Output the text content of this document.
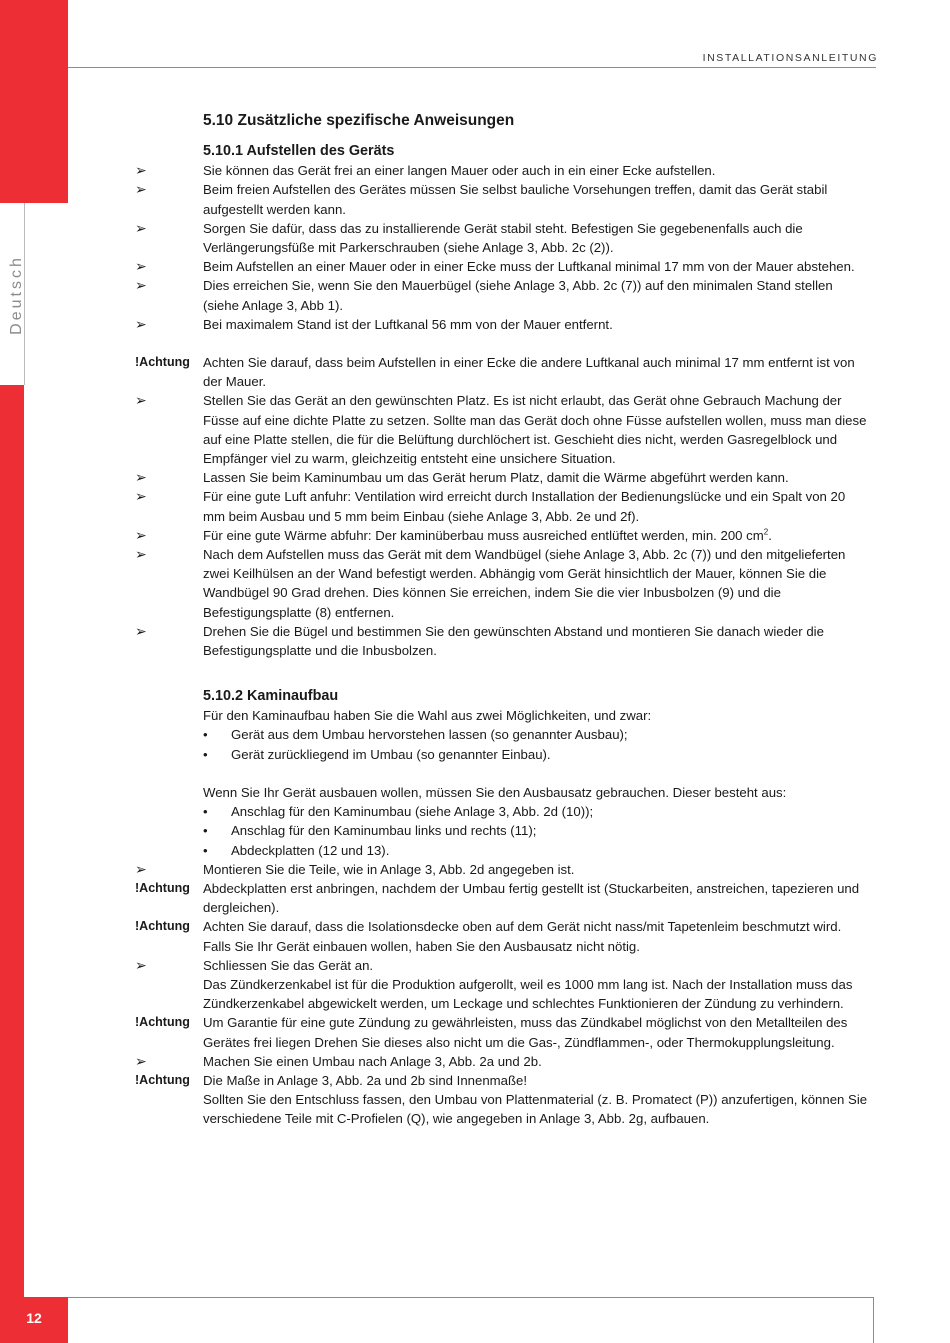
Deutsch
12
INSTALLATIONSANLEITUNG
5.10 Zusätzliche spezifische Anweisungen
5.10.1 Aufstellen des Geräts
➢	Sie können das Gerät frei an einer langen Mauer oder auch in ein einer Ecke aufstellen.
➢	Beim freien Aufstellen des Gerätes müssen Sie selbst bauliche Vorsehungen treffen, damit das Gerät stabil aufgestellt werden kann.
➢	Sorgen Sie dafür, dass das zu installierende Gerät stabil steht. Befestigen Sie gegebenenfalls auch die Verlängerungsfüße mit Parkerschrauben (siehe Anlage 3, Abb. 2c (2)).
➢	Beim Aufstellen an einer Mauer oder in einer Ecke muss der Luftkanal minimal 17 mm von der Mauer abstehen.
➢	Dies erreichen Sie, wenn Sie den Mauerbügel (siehe Anlage 3, Abb. 2c (7)) auf den minimalen Stand stellen (siehe Anlage 3, Abb 1).
➢	Bei maximalem Stand ist der Luftkanal 56 mm von der Mauer entfernt.
!Achtung Achten Sie darauf, dass beim Aufstellen in einer Ecke die andere Luftkanal auch minimal 17 mm entfernt ist von der Mauer.
➢	Stellen Sie das Gerät an den gewünschten Platz. Es ist nicht erlaubt, das Gerät ohne Gebrauch Machung der Füsse auf eine dichte Platte zu setzen. Sollte man das Gerät doch ohne Füsse aufstellen wollen, muss man diese auf eine Platte stellen, die für die Belüftung durchlöchert ist. Geschieht dies nicht, werden Gasregelblock und Empfänger viel zu warm, gleichzeitig entsteht eine unsichere Situation.
➢	Lassen Sie beim Kaminumbau um das Gerät herum Platz, damit die Wärme abgeführt werden kann.
➢	Für eine gute Luft anfuhr: Ventilation wird erreicht durch Installation der Bedienungslücke und ein Spalt von 20 mm beim Ausbau und 5 mm beim Einbau (siehe Anlage 3, Abb. 2e und 2f).
➢	Für eine gute Wärme abfuhr: Der kaminüberbau muss ausreiched entlüftet werden, min. 200 $cm^2$.
➢	Nach dem Aufstellen muss das Gerät mit dem Wandbügel (siehe Anlage 3, Abb. 2c (7)) und den mitgelieferten zwei Keilhülsen an der Wand befestigt werden. Abhängig vom Gerät hinsichtlich der Mauer, können Sie die Wandbügel 90 Grad drehen. Dies können Sie erreichen, indem Sie die vier Inbusbolzen (9) und die Befestigungsplatte (8) entfernen.
➢	Drehen Sie die Bügel und bestimmen Sie den gewünschten Abstand und montieren Sie danach wieder die Befestigungsplatte und die Inbusbolzen.
5.10.2 Kaminaufbau
Für den Kaminaufbau haben Sie die Wahl aus zwei Möglichkeiten, und zwar:
• Gerät aus dem Umbau hervorstehen lassen (so genannter Ausbau);
• Gerät zurückliegend im Umbau (so genannter Einbau).
Wenn Sie Ihr Gerät ausbauen wollen, müssen Sie den Ausbausatz gebrauchen. Dieser besteht aus:
• Anschlag für den Kaminumbau (siehe Anlage 3, Abb. 2d (10));
• Anschlag für den Kaminumbau links und rechts (11);
• Abdeckplatten (12 und 13).
➢	Montieren Sie die Teile, wie in Anlage 3, Abb. 2d angegeben ist.
!Achtung Abdeckplatten erst anbringen, nachdem der Umbau fertig gestellt ist (Stuckarbeiten, anstreichen, tapezieren und dergleichen).
!Achtung Achten Sie darauf, dass die Isolationsdecke oben auf dem Gerät nicht nass/mit Tapetenleim beschmutzt wird.
Falls Sie Ihr Gerät einbauen wollen, haben Sie den Ausbausatz nicht nötig.
➢	Schliessen Sie das Gerät an.
Das Zündkerzenkabel ist für die Produktion aufgerollt, weil es 1000 mm lang ist. Nach der Installation muss das Zündkerzenkabel abgewickelt werden, um Leckage und schlechtes Funktionieren der Zündung zu verhindern.
!Achtung Um Garantie für eine gute Zündung zu gewährleisten, muss das Zündkabel möglichst von den Metallteilen des Gerätes frei liegen Drehen Sie dieses also nicht um die Gas-, Zündflammen-, oder Thermokupplungsleitung.
➢	Machen Sie einen Umbau nach Anlage 3, Abb. 2a und 2b.
!Achtung Die Maße in Anlage 3, Abb. 2a und 2b sind Innenmaße!
Sollten Sie den Entschluss fassen, den Umbau von Plattenmaterial (z. B. Promatect (P)) anzufertigen, können Sie verschiedene Teile mit C-Profielen (Q), wie angegeben in Anlage 3, Abb. 2g, aufbauen.
